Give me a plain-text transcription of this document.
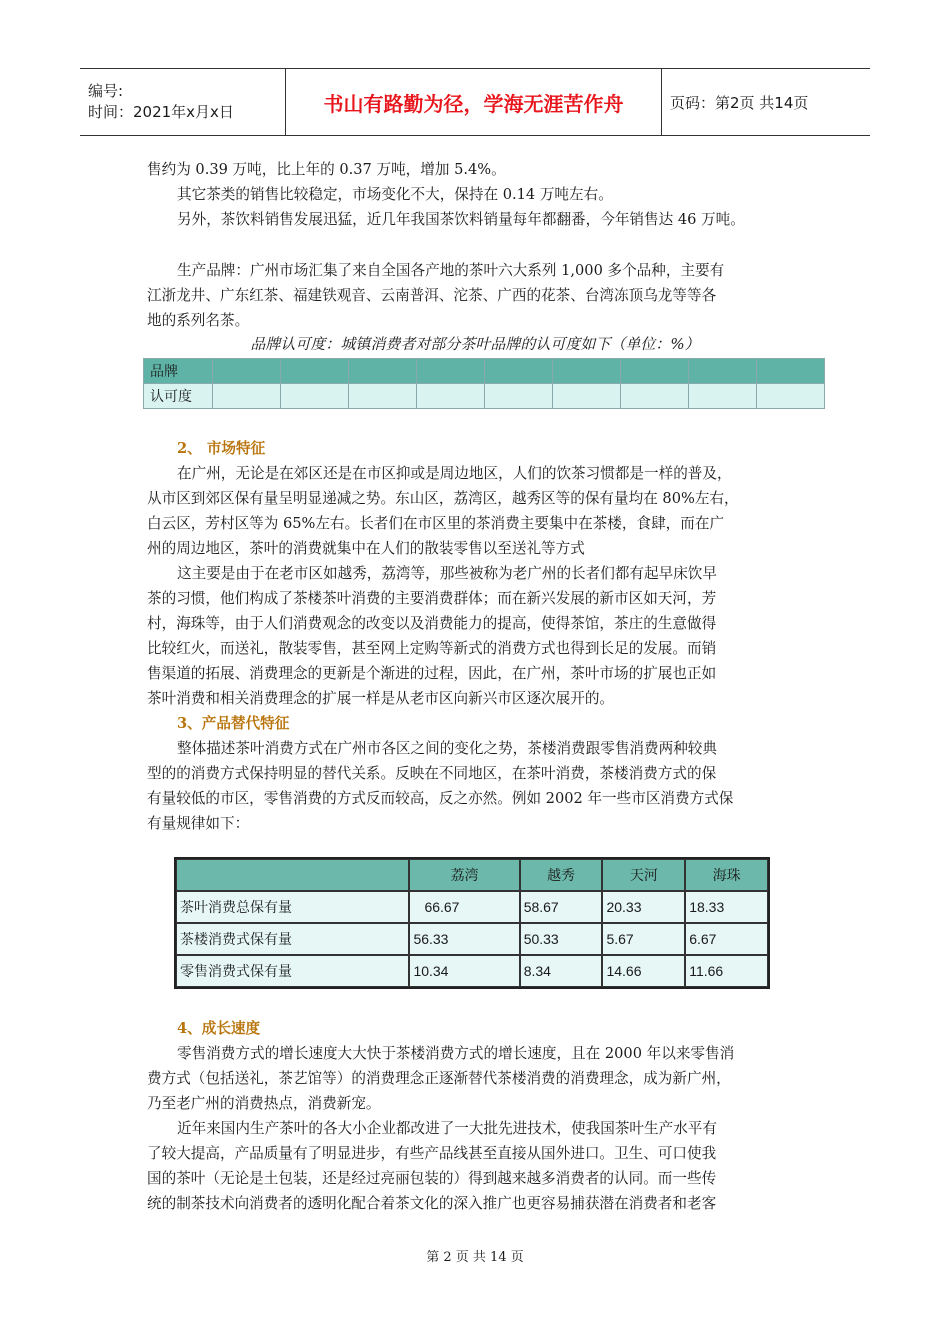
编号:
时间：2021年x月x日	书山有路勤为径，学海无涯苦作舟	页码：第2页 共14页
售约为 0.39 万吨，比上年的 0.37 万吨，增加 5.4%。
其它茶类的销售比较稳定，市场变化不大，保持在 0.14 万吨左右。
另外，茶饮料销售发展迅猛，近几年我国茶饮料销量每年都翻番，今年销售达 46 万吨。
生产品牌：广州市场汇集了来自全国各产地的茶叶六大系列 1,000 多个品种，主要有
江浙龙井、广东红茶、福建铁观音、云南普洱、沱茶、广西的花茶、台湾冻顶乌龙等等各
地的系列名茶。
品牌认可度：城镇消费者对部分茶叶品牌的认可度如下（单位：%）
品牌									
认可度									
2、 市场特征
在广州，无论是在郊区还是在市区抑或是周边地区，人们的饮茶习惯都是一样的普及，
从市区到郊区保有量呈明显递减之势。东山区，荔湾区，越秀区等的保有量均在 80%左右，
白云区，芳村区等为 65%左右。长者们在市区里的茶消费主要集中在茶楼，食肆，而在广
州的周边地区，茶叶的消费就集中在人们的散装零售以至送礼等方式
这主要是由于在老市区如越秀，荔湾等，那些被称为老广州的长者们都有起早床饮早
茶的习惯，他们构成了茶楼茶叶消费的主要消费群体；而在新兴发展的新市区如天河，芳
村，海珠等，由于人们消费观念的改变以及消费能力的提高，使得茶馆，茶庄的生意做得
比较红火，而送礼，散装零售，甚至网上定购等新式的消费方式也得到长足的发展。而销
售渠道的拓展、消费理念的更新是个渐进的过程，因此，在广州，茶叶市场的扩展也正如
茶叶消费和相关消费理念的扩展一样是从老市区向新兴市区逐次展开的。
3、产品替代特征
整体描述茶叶消费方式在广州市各区之间的变化之势，茶楼消费跟零售消费两种较典
型的的消费方式保持明显的替代关系。反映在不同地区，在茶叶消费，茶楼消费方式的保
有量较低的市区，零售消费的方式反而较高，反之亦然。例如 2002 年一些市区消费方式保
有量规律如下：
	荔湾	越秀	天河	海珠
茶叶消费总保有量	66.67	58.67	20.33	18.33
茶楼消费式保有量	56.33	50.33	5.67	6.67
零售消费式保有量	10.34	8.34	14.66	11.66
4、成长速度
零售消费方式的增长速度大大快于茶楼消费方式的增长速度，且在 2000 年以来零售消
费方式（包括送礼，茶艺馆等）的消费理念正逐渐替代茶楼消费的消费理念，成为新广州，
乃至老广州的消费热点，消费新宠。
近年来国内生产茶叶的各大小企业都改进了一大批先进技术，使我国茶叶生产水平有
了较大提高，产品质量有了明显进步，有些产品线甚至直接从国外进口。卫生、可口使我
国的茶叶（无论是土包装，还是经过亮丽包装的）得到越来越多消费者的认同。而一些传
统的制茶技术向消费者的透明化配合着茶文化的深入推广也更容易捕获潜在消费者和老客
第 2 页 共 14 页
